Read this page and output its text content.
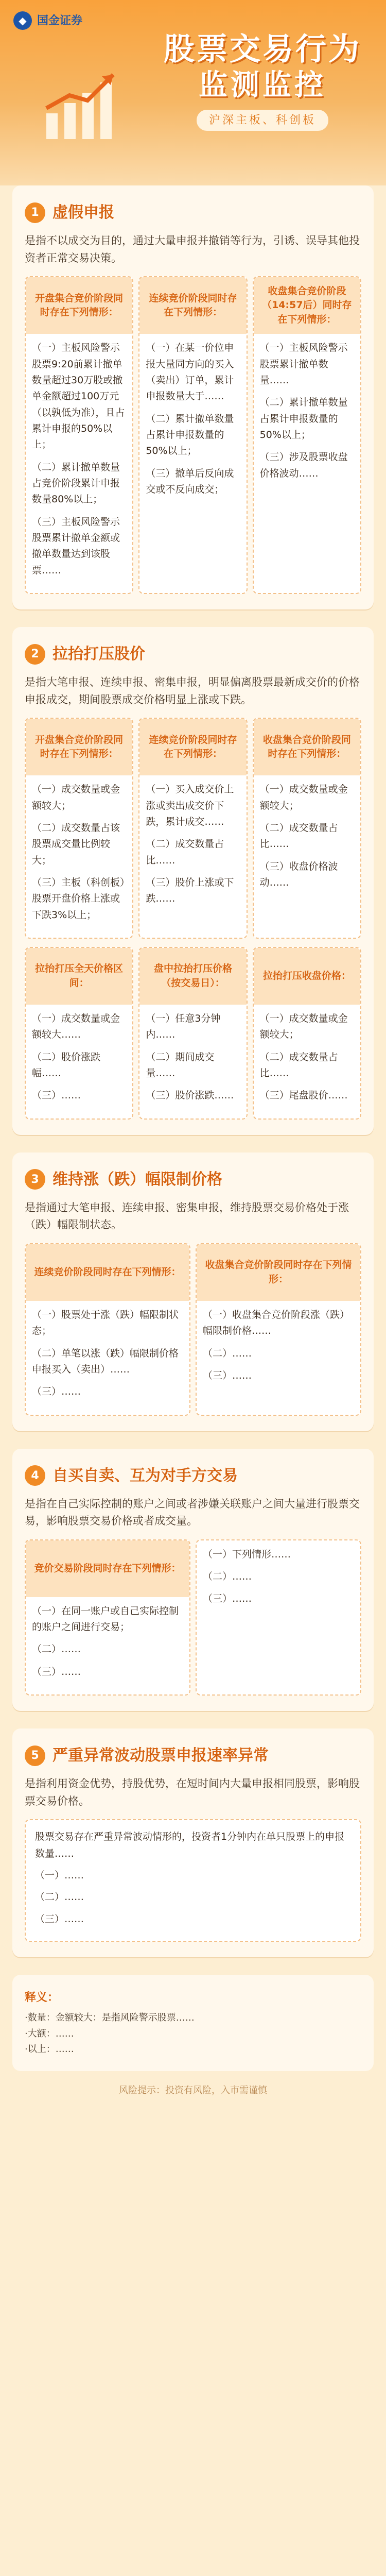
◆ 国金证券
股票交易行为
监测监控
沪深主板、科创板
1 虚假申报
是指不以成交为目的，通过大量申报并撤销等行为，引诱、误导其他投资者正常交易决策。
开盘集合竞价阶段同时存在下列情形：

（一）主板风险警示股票9:20前累计撤单数量超过30万股或撤单金额超过100万元（以孰低为准），且占累计申报的50%以上；

（二）累计撤单数量占竞价阶段累计申报数量80%以上；

（三）主板风险警示股票累计撤单金额或撤单数量达到该股票……

连续竞价阶段同时存在下列情形：

（一）在某一价位申报大量同方向的买入（卖出）订单，累计申报数量大于……

（二）累计撤单数量占累计申报数量的50%以上；

（三）撤单后反向成交或不反向成交；

收盘集合竞价阶段（14:57后）同时存在下列情形：

（一）主板风险警示股票累计撤单数量……

（二）累计撤单数量占累计申报数量的50%以上；

（三）涉及股票收盘价格波动……

2 拉抬打压股价
是指大笔申报、连续申报、密集申报，明显偏离股票最新成交价的价格申报成交，期间股票成交价格明显上涨或下跌。
开盘集合竞价阶段同时存在下列情形：

（一）成交数量或金额较大；

（二）成交数量占该股票成交量比例较大；

（三）主板（科创板）股票开盘价格上涨或下跌3%以上；

连续竞价阶段同时存在下列情形：

（一）买入成交价上涨或卖出成交价下跌，累计成交……

（二）成交数量占比……

（三）股价上涨或下跌……

收盘集合竞价阶段同时存在下列情形：

（一）成交数量或金额较大；

（二）成交数量占比……

（三）收盘价格波动……

拉抬打压全天价格区间：

（一）成交数量或金额较大……

（二）股价涨跌幅……

（三）……

盘中拉抬打压价格（按交易日）：

（一）任意3分钟内……

（二）期间成交量……

（三）股价涨跌……

拉抬打压收盘价格：

（一）成交数量或金额较大；

（二）成交数量占比……

（三）尾盘股价……

3 维持涨（跌）幅限制价格
是指通过大笔申报、连续申报、密集申报，维持股票交易价格处于涨（跌）幅限制状态。
连续竞价阶段同时存在下列情形：

（一）股票处于涨（跌）幅限制状态；

（二）单笔以涨（跌）幅限制价格申报买入（卖出）……

（三）……

收盘集合竞价阶段同时存在下列情形：

（一）收盘集合竞价阶段涨（跌）幅限制价格……

（二）……

（三）……

4 自买自卖、互为对手方交易
是指在自己实际控制的账户之间或者涉嫌关联账户之间大量进行股票交易，影响股票交易价格或者成交量。
竞价交易阶段同时存在下列情形：

（一）在同一账户或自己实际控制的账户之间进行交易；

（二）……

（三）……

（一）下列情形……

（二）……

（三）……

5 严重异常波动股票申报速率异常
是指利用资金优势，持股优势，在短时间内大量申报相同股票，影响股票交易价格。

股票交易存在严重异常波动情形的，投资者1分钟内在单只股票上的申报数量……

（一）……

（二）……

（三）……

释义：

·数量：金额较大：是指风险警示股票……

·大额：……

·以上：……

风险提示：投资有风险，入市需谨慎
